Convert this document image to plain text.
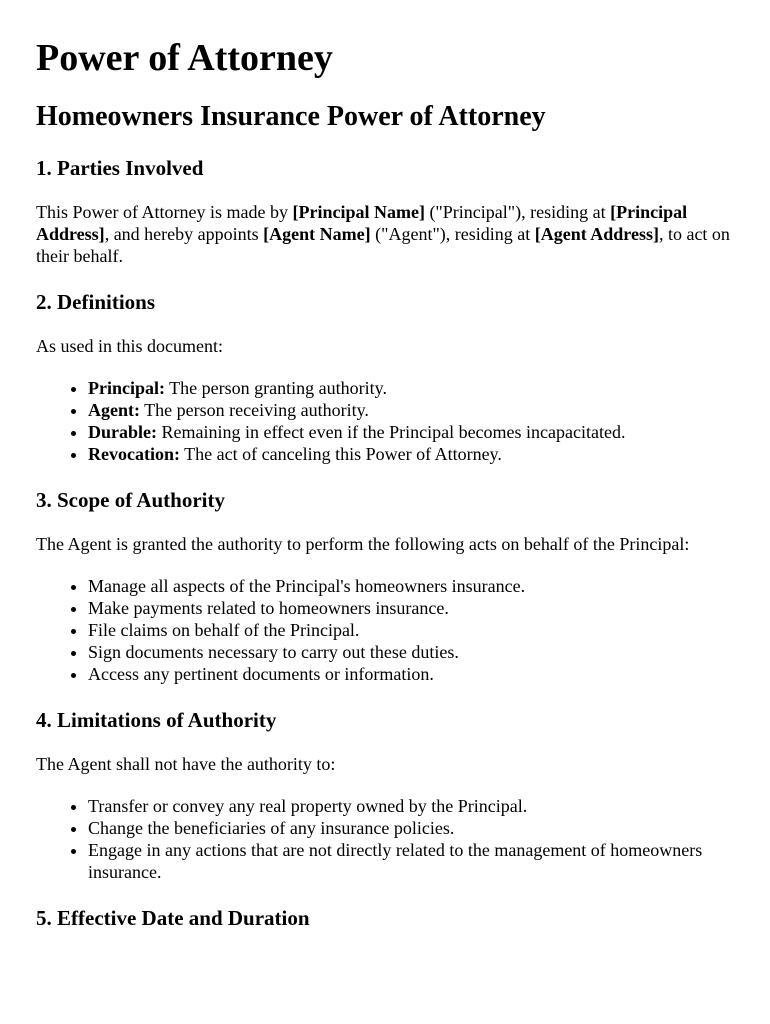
Power of Attorney
Homeowners Insurance Power of Attorney
1. Parties Involved

This Power of Attorney is made by [Principal Name] ("Principal"), residing at [Principal Address], and hereby appoints [Agent Name] ("Agent"), residing at [Agent Address], to act on their behalf.

2. Definitions

As used in this document:

• Principal: The person granting authority.
• Agent: The person receiving authority.
• Durable: Remaining in effect even if the Principal becomes incapacitated.
• Revocation: The act of canceling this Power of Attorney.
3. Scope of Authority

The Agent is granted the authority to perform the following acts on behalf of the Principal:

• Manage all aspects of the Principal's homeowners insurance.
• Make payments related to homeowners insurance.
• File claims on behalf of the Principal.
• Sign documents necessary to carry out these duties.
• Access any pertinent documents or information.
4. Limitations of Authority

The Agent shall not have the authority to:

• Transfer or convey any real property owned by the Principal.
• Change the beneficiaries of any insurance policies.
• Engage in any actions that are not directly related to the management of homeowners insurance.
5. Effective Date and Duration
